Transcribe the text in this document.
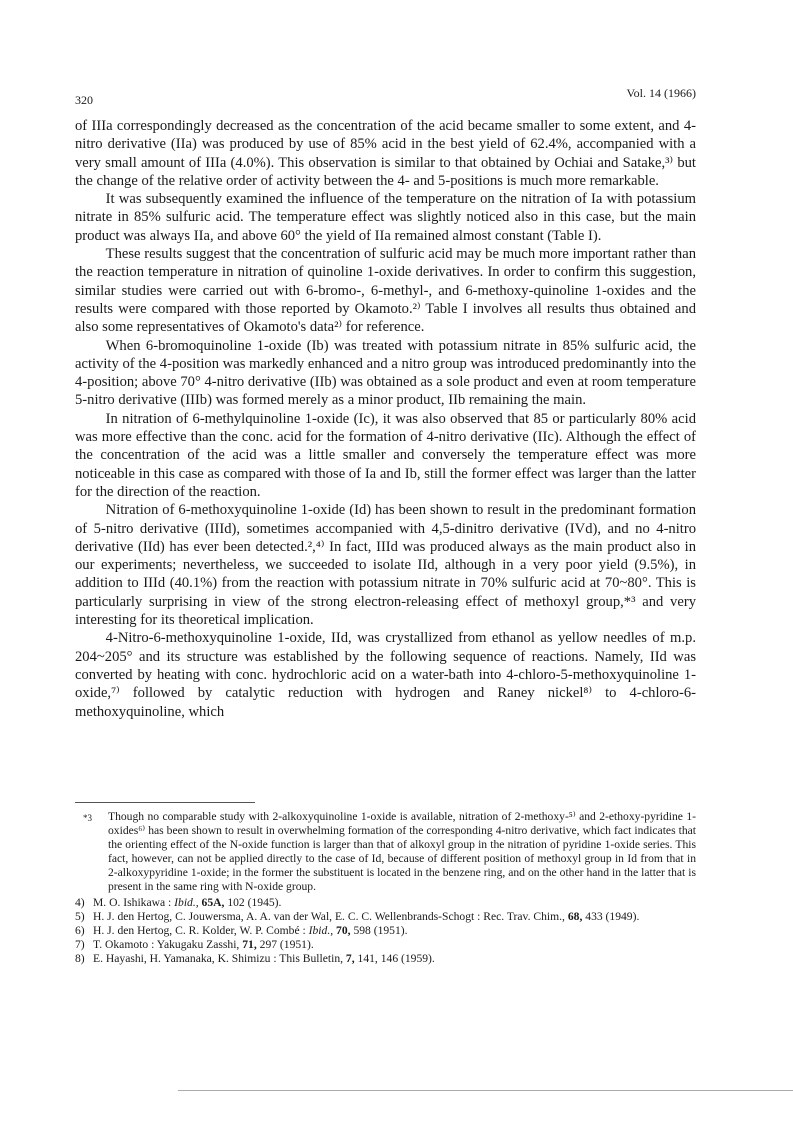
320	Vol. 14 (1966)

of IIIa correspondingly decreased as the concentration of the acid became smaller to some extent, and 4-nitro derivative (IIa) was produced by use of 85% acid in the best yield of 62.4%, accompanied with a very small amount of IIIa (4.0%). This observation is similar to that obtained by Ochiai and Satake,³⁾ but the change of the relative order of activity between the 4- and 5-positions is much more remarkable.

It was subsequently examined the influence of the temperature on the nitration of Ia with potassium nitrate in 85% sulfuric acid. The temperature effect was slightly noticed also in this case, but the main product was always IIa, and above 60° the yield of IIa remained almost constant (Table I).

These results suggest that the concentration of sulfuric acid may be much more important rather than the reaction temperature in nitration of quinoline 1-oxide derivatives. In order to confirm this suggestion, similar studies were carried out with 6-bromo-, 6-methyl-, and 6-methoxy-quinoline 1-oxides and the results were compared with those reported by Okamoto.²⁾ Table I involves all results thus obtained and also some representatives of Okamoto's data²⁾ for reference.

When 6-bromoquinoline 1-oxide (Ib) was treated with potassium nitrate in 85% sulfuric acid, the activity of the 4-position was markedly enhanced and a nitro group was introduced predominantly into the 4-position; above 70° 4-nitro derivative (IIb) was obtained as a sole product and even at room temperature 5-nitro derivative (IIIb) was formed merely as a minor product, IIb remaining the main.

In nitration of 6-methylquinoline 1-oxide (Ic), it was also observed that 85 or particularly 80% acid was more effective than the conc. acid for the formation of 4-nitro derivative (IIc). Although the effect of the concentration of the acid was a little smaller and conversely the temperature effect was more noticeable in this case as compared with those of Ia and Ib, still the former effect was larger than the latter for the direction of the reaction.

Nitration of 6-methoxyquinoline 1-oxide (Id) has been shown to result in the predominant formation of 5-nitro derivative (IIId), sometimes accompanied with 4,5-dinitro derivative (IVd), and no 4-nitro derivative (IId) has ever been detected.²,⁴⁾ In fact, IIId was produced always as the main product also in our experiments; nevertheless, we succeeded to isolate IId, although in a very poor yield (9.5%), in addition to IIId (40.1%) from the reaction with potassium nitrate in 70% sulfuric acid at 70~80°. This is particularly surprising in view of the strong electron-releasing effect of methoxyl group,*³ and very interesting for its theoretical implication.

4-Nitro-6-methoxyquinoline 1-oxide, IId, was crystallized from ethanol as yellow needles of m.p. 204~205° and its structure was established by the following sequence of reactions. Namely, IId was converted by heating with conc. hydrochloric acid on a water-bath into 4-chloro-5-methoxyquinoline 1-oxide,⁷⁾ followed by catalytic reduction with hydrogen and Raney nickel⁸⁾ to 4-chloro-6-methoxyquinoline, which

*3 Though no comparable study with 2-alkoxyquinoline 1-oxide is available, nitration of 2-methoxy-⁵⁾ and 2-ethoxy-pyridine 1-oxides⁶⁾ has been shown to result in overwhelming formation of the corresponding 4-nitro derivative, which fact indicates that the orienting effect of the N-oxide function is larger than that of alkoxyl group in the nitration of pyridine 1-oxide series. This fact, however, can not be applied directly to the case of Id, because of different position of methoxyl group in Id from that in 2-alkoxypyridine 1-oxide; in the former the substituent is located in the benzene ring, and on the other hand in the latter that is present in the same ring with N-oxide group.
4) M. O. Ishikawa : Ibid., 65A, 102 (1945).
5) H. J. den Hertog, C. Jouwersma, A. A. van der Wal, E. C. C. Wellenbrands-Schogt : Rec. Trav. Chim., 68, 433 (1949).
6) H. J. den Hertog, C. R. Kolder, W. P. Combé : Ibid., 70, 598 (1951).
7) T. Okamoto : Yakugaku Zasshi, 71, 297 (1951).
8) E. Hayashi, H. Yamanaka, K. Shimizu : This Bulletin, 7, 141, 146 (1959).
